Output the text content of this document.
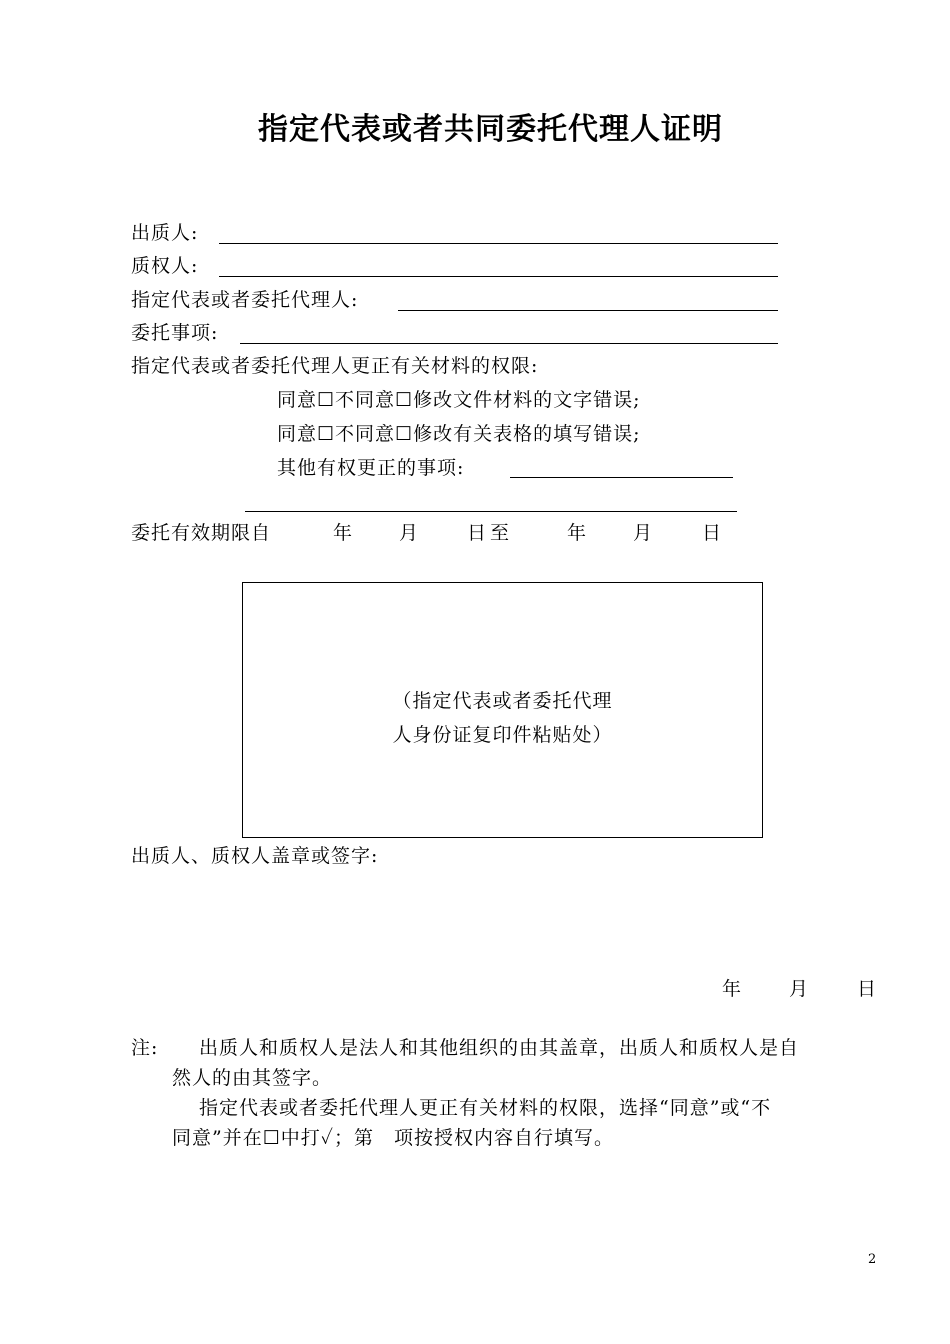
指定代表或者共同委托代理人证明
出质人:
质权人:
指定代表或者委托代理人:
委托事项:
指定代表或者委托代理人更正有关材料的权限:
同意☐不同意☐修改文件材料的文字错误;
同意☐不同意☐修改有关表格的填写错误;
其他有权更正的事项:
委托有效期限自	年 月	日至	年 月	日
（指定代表或者委托代理
人身份证复印件粘贴处）
出质人、质权人盖章或签字:
年	月	日
注: 出质人和质权人是法人和其他组织的由其盖章，出质人和质权人是自
然人的由其签字。
指定代表或者委托代理人更正有关材料的权限，选择“同意”或“不
同意”并在☐中打✓；第　项按授权内容自行填写。
2
